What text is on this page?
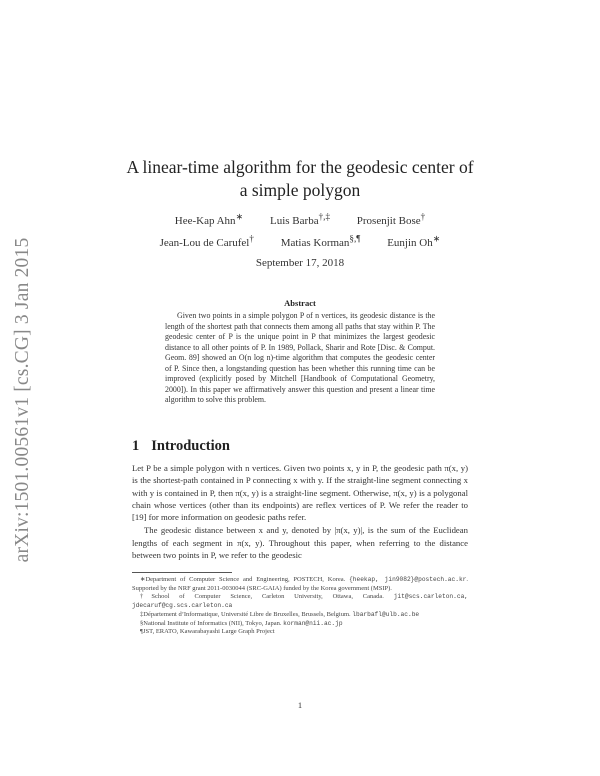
arXiv:1501.00561v1 [cs.CG] 3 Jan 2015
A linear-time algorithm for the geodesic center of
a simple polygon
Hee-Kap Ahn∗ Luis Barba†,‡ Prosenjit Bose†
Jean-Lou de Carufel† Matias Korman§,¶ Eunjin Oh∗
September 17, 2018
Abstract

Given two points in a simple polygon P of n vertices, its geodesic distance is the length of the shortest path that connects them among all paths that stay within P. The geodesic center of P is the unique point in P that minimizes the largest geodesic distance to all other points of P. In 1989, Pollack, Sharir and Rote [Disc. & Comput. Geom. 89] showed an O(n log n)-time algorithm that computes the geodesic center of P. Since then, a longstanding question has been whether this running time can be improved (explicitly posed by Mitchell [Handbook of Computational Geometry, 2000]). In this paper we affirmatively answer this question and present a linear time algorithm to solve this problem.

1 Introduction

Let P be a simple polygon with n vertices. Given two points x, y in P, the geodesic path π(x, y) is the shortest-path contained in P connecting x with y. If the straight-line segment connecting x with y is contained in P, then π(x, y) is a straight-line segment. Otherwise, π(x, y) is a polygonal chain whose vertices (other than its endpoints) are reflex vertices of P. We refer the reader to [19] for more information on geodesic paths refer.

The geodesic distance between x and y, denoted by |π(x, y)|, is the sum of the Euclidean lengths of each segment in π(x, y). Throughout this paper, when referring to the distance between two points in P, we refer to the geodesic

∗Department of Computer Science and Engineering, POSTECH, Korea. {heekap, jin9082}@postech.ac.kr. Supported by the NRF grant 2011-0030044 (SRC-GAIA) funded by the Korea government (MSIP).
†School of Computer Science, Carleton University, Ottawa, Canada. jit@scs.carleton.ca, jdecaruf@cg.scs.carleton.ca
‡Département d’Informatique, Université Libre de Bruxelles, Brussels, Belgium. lbarbafl@ulb.ac.be
§National Institute of Informatics (NII), Tokyo, Japan. korman@nii.ac.jp
¶JST, ERATO, Kawarabayashi Large Graph Project
1
